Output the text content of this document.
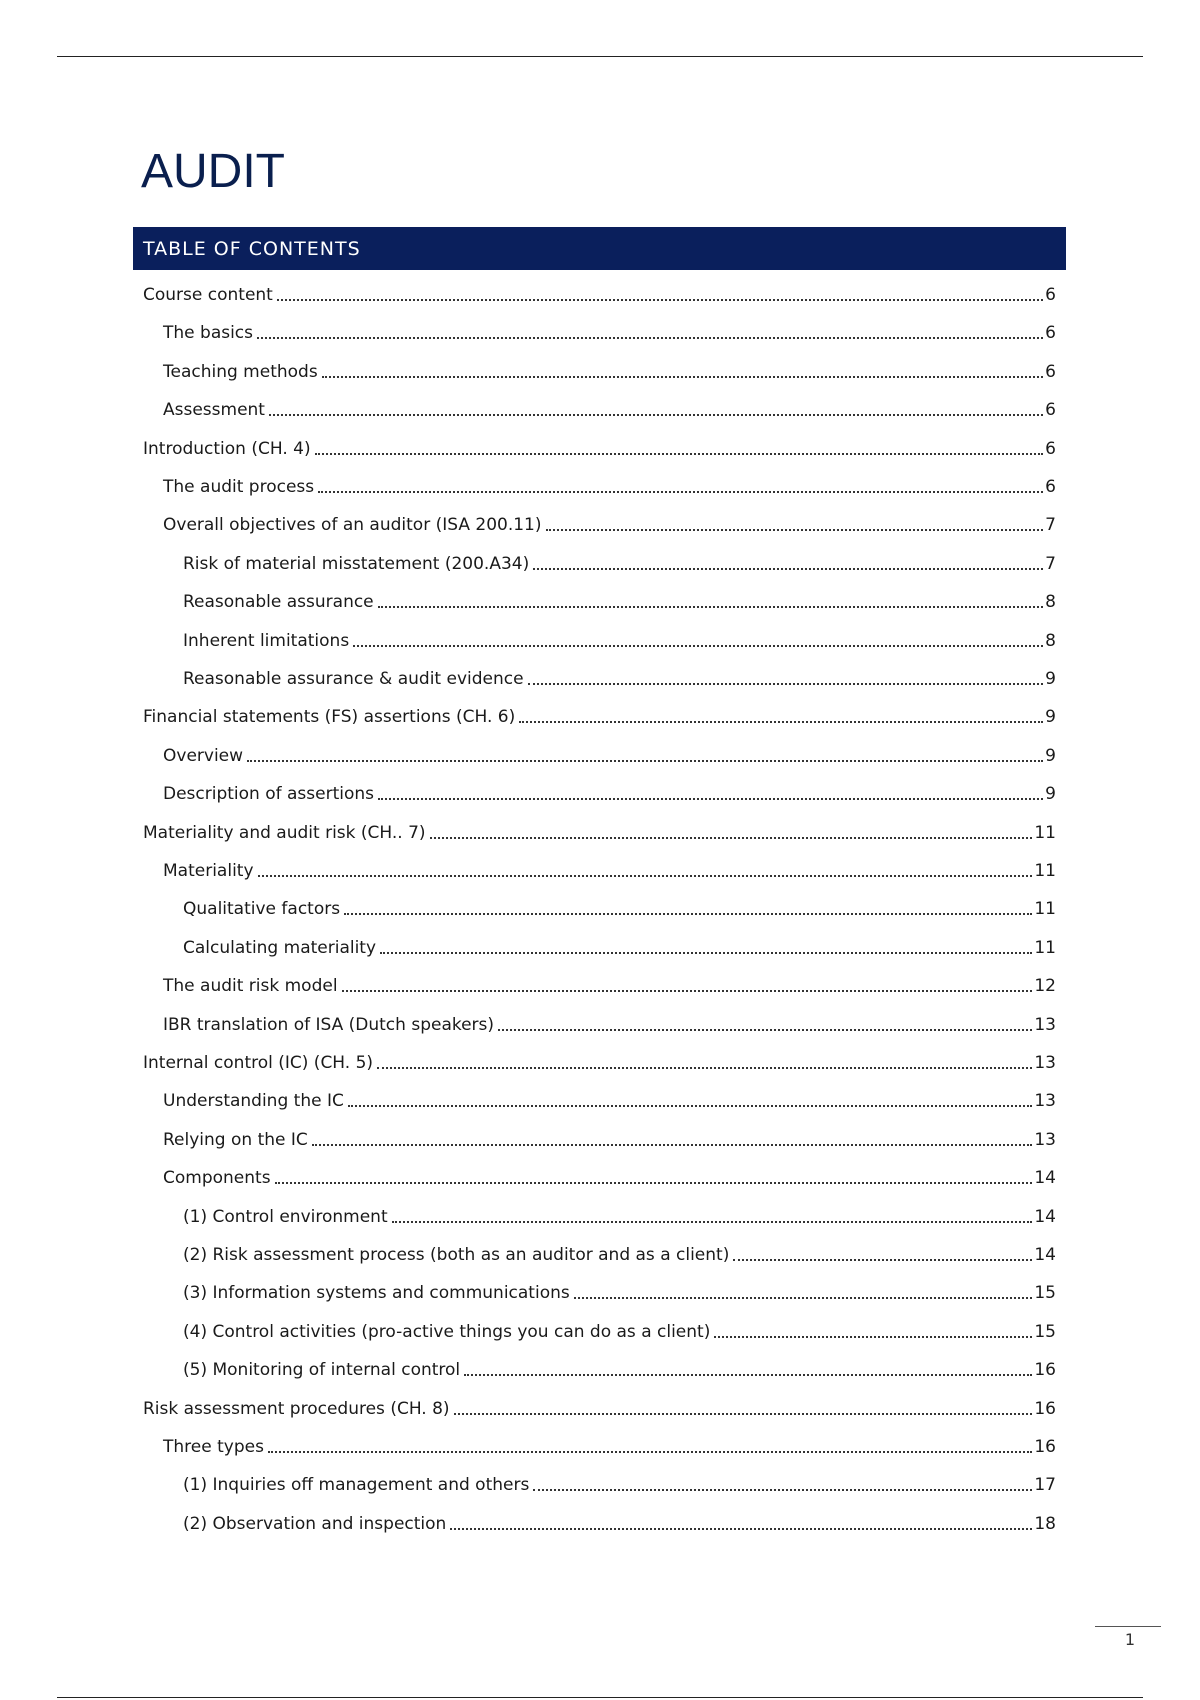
AUDIT
TABLE OF CONTENTS
Course content	6
The basics	6
Teaching methods	6
Assessment	6
Introduction (CH. 4)	6
The audit process	6
Overall objectives of an auditor (ISA 200.11)	7
Risk of material misstatement (200.A34)	7
Reasonable assurance	8
Inherent limitations	8
Reasonable assurance & audit evidence	9
Financial statements (FS) assertions (CH. 6)	9
Overview	9
Description of assertions	9
Materiality and audit risk (CH.. 7)	11
Materiality	11
Qualitative factors	11
Calculating materiality	11
The audit risk model	12
IBR translation of ISA (Dutch speakers)	13
Internal control (IC) (CH. 5)	13
Understanding the IC	13
Relying on the IC	13
Components	14
(1) Control environment	14
(2) Risk assessment process (both as an auditor and as a client)	14
(3) Information systems and communications	15
(4) Control activities (pro-active things you can do as a client)	15
(5) Monitoring of internal control	16
Risk assessment procedures (CH. 8)	16
Three types	16
(1) Inquiries off management and others	17
(2) Observation and inspection	18
1
